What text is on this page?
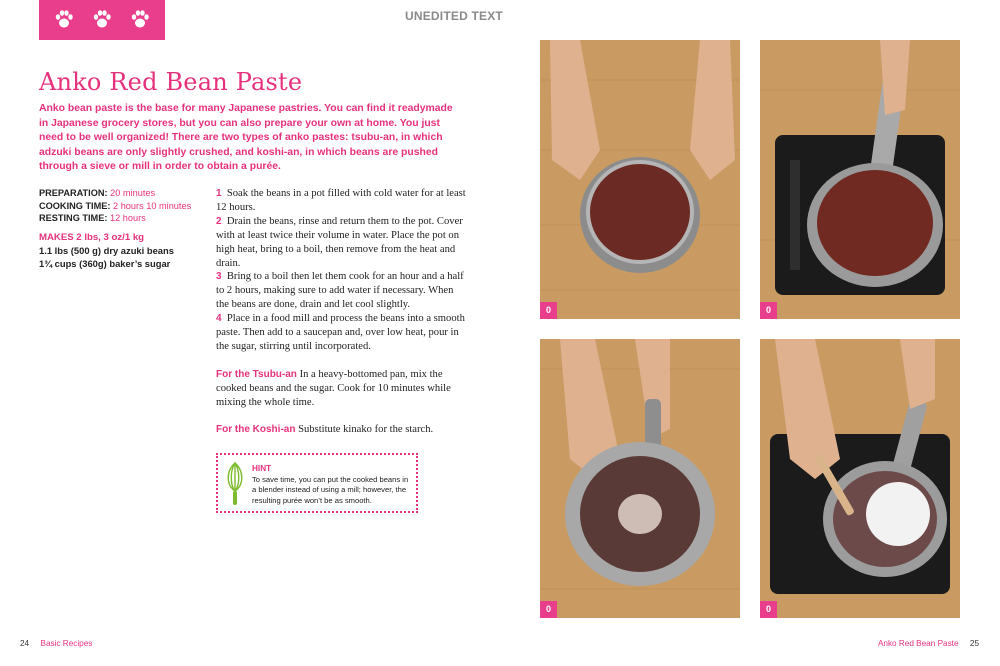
UNEDITED TEXT
Anko Red Bean Paste

Anko bean paste is the base for many Japanese pastries. You can find it readymade in Japanese grocery stores, but you can also prepare your own at home. You just need to be well organized! There are two types of anko pastes: tsubu-an, in which adzuki beans are only slightly crushed, and koshi-an, in which beans are pushed through a sieve or mill in order to obtain a purée.

PREPARATION: 20 minutes
COOKING TIME: 2 hours 10 minutes
RESTING TIME: 12 hours
MAKES 2 lbs, 3 oz/1 kg
1.1 lbs (500 g) dry azuki beans
1¾ cups (360g) baker’s sugar

1 Soak the beans in a pot filled with cold water for at least 12 hours.

2 Drain the beans, rinse and return them to the pot. Cover with at least twice their volume in water. Place the pot on high heat, bring to a boil, then remove from the heat and drain.

3 Bring to a boil then let them cook for an hour and a half to 2 hours, making sure to add water if necessary. When the beans are done, drain and let cool slightly.

4 Place in a food mill and process the beans into a smooth paste. Then add to a saucepan and, over low heat, pour in the sugar, stirring until incorporated.

For the Tsubu-an In a heavy-bottomed pan, mix the cooked beans and the sugar. Cook for 10 minutes while mixing the whole time.

For the Koshi-an Substitute kinako for the starch.

HINT

To save time, you can put the cooked beans in a blender instead of using a mill; however, the resulting purée won’t be as smooth.

0	0
0	0
24 Basic Recipes	Anko Red Bean Paste 25
